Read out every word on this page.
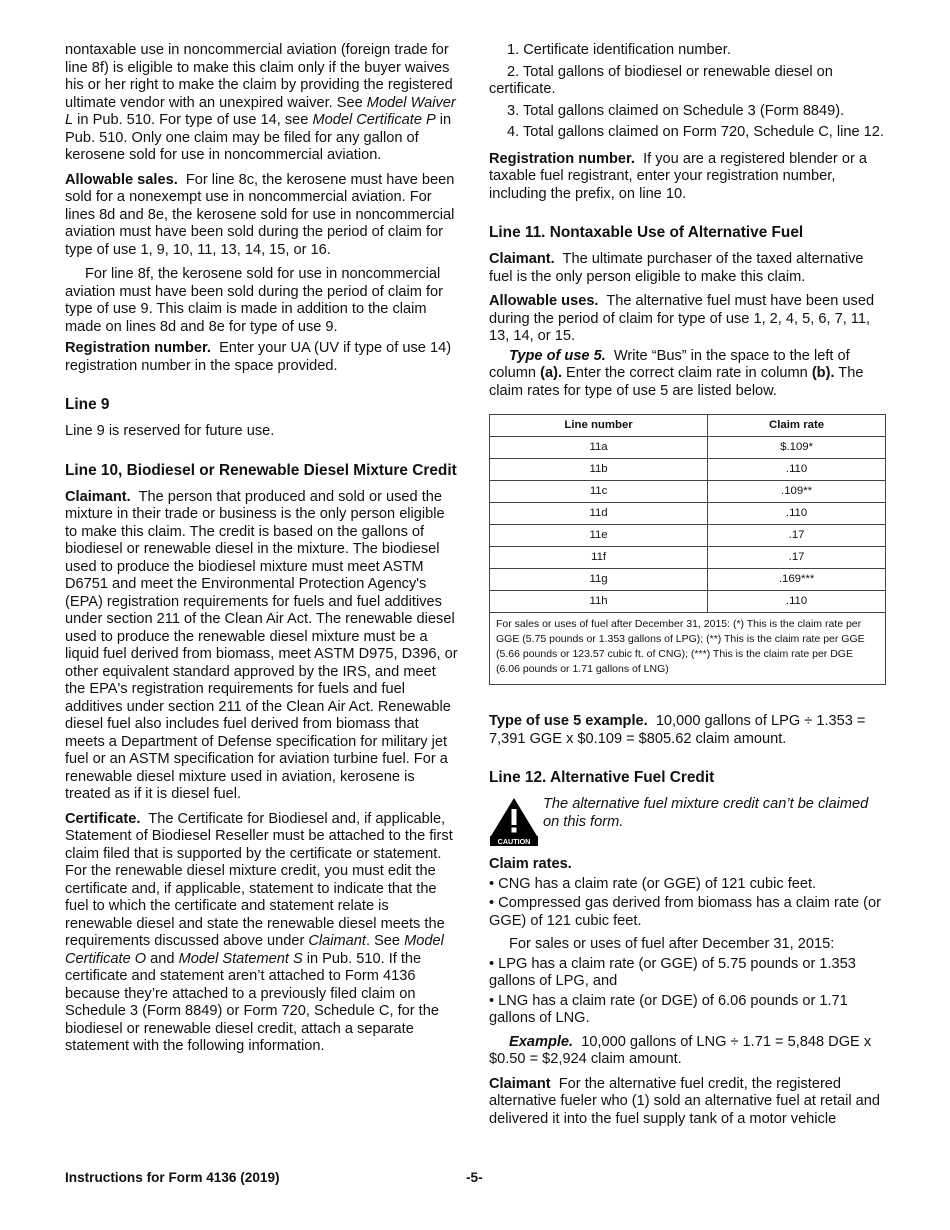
nontaxable use in noncommercial aviation (foreign trade for line 8f) is eligible to make this claim only if the buyer waives his or her right to make the claim by providing the registered ultimate vendor with an unexpired waiver. See Model Waiver L in Pub. 510. For type of use 14, see Model Certificate P in Pub. 510. Only one claim may be filed for any gallon of kerosene sold for use in noncommercial aviation.

Allowable sales. For line 8c, the kerosene must have been sold for a nonexempt use in noncommercial aviation. For lines 8d and 8e, the kerosene sold for use in noncommercial aviation must have been sold during the period of claim for type of use 1, 9, 10, 11, 13, 14, 15, or 16.

For line 8f, the kerosene sold for use in noncommercial aviation must have been sold during the period of claim for type of use 9. This claim is made in addition to the claim made on lines 8d and 8e for type of use 9.

Registration number. Enter your UA (UV if type of use 14) registration number in the space provided.

Line 9

Line 9 is reserved for future use.

Line 10, Biodiesel or Renewable Diesel Mixture Credit

Claimant. The person that produced and sold or used the mixture in their trade or business is the only person eligible to make this claim. The credit is based on the gallons of biodiesel or renewable diesel in the mixture. The biodiesel used to produce the biodiesel mixture must meet ASTM D6751 and meet the Environmental Protection Agency's (EPA) registration requirements for fuels and fuel additives under section 211 of the Clean Air Act. The renewable diesel used to produce the renewable diesel mixture must be a liquid fuel derived from biomass, meet ASTM D975, D396, or other equivalent standard approved by the IRS, and meet the EPA's registration requirements for fuels and fuel additives under section 211 of the Clean Air Act. Renewable diesel fuel also includes fuel derived from biomass that meets a Department of Defense specification for military jet fuel or an ASTM specification for aviation turbine fuel. For a renewable diesel mixture used in aviation, kerosene is treated as if it is diesel fuel.

Certificate. The Certificate for Biodiesel and, if applicable, Statement of Biodiesel Reseller must be attached to the first claim filed that is supported by the certificate or statement. For the renewable diesel mixture credit, you must edit the certificate and, if applicable, statement to indicate that the fuel to which the certificate and statement relate is renewable diesel and state the renewable diesel meets the requirements discussed above under Claimant. See Model Certificate O and Model Statement S in Pub. 510. If the certificate and statement aren’t attached to Form 4136 because they’re attached to a previously filed claim on Schedule 3 (Form 8849) or Form 720, Schedule C, for the biodiesel or renewable diesel credit, attach a separate statement with the following information.

1. Certificate identification number.
2. Total gallons of biodiesel or renewable diesel on certificate.
3. Total gallons claimed on Schedule 3 (Form 8849).
4. Total gallons claimed on Form 720, Schedule C, line 12.

Registration number. If you are a registered blender or a taxable fuel registrant, enter your registration number, including the prefix, on line 10.

Line 11. Nontaxable Use of Alternative Fuel

Claimant. The ultimate purchaser of the taxed alternative fuel is the only person eligible to make this claim.

Allowable uses. The alternative fuel must have been used during the period of claim for type of use 1, 2, 4, 5, 6, 7, 11, 13, 14, or 15.

Type of use 5. Write “Bus” in the space to the left of column (a). Enter the correct claim rate in column (b). The claim rates for type of use 5 are listed below.

Line number	Claim rate
11a	$.109*
11b	.110
11c	.109**
11d	.110
11e	.17
11f	.17
11g	.169***
11h	.110
For sales or uses of fuel after December 31, 2015: (*) This is the claim rate per GGE (5.75 pounds or 1.353 gallons of LPG); (**) This is the claim rate per GGE (5.66 pounds or 123.57 cubic ft. of CNG); (***) This is the claim rate per DGE (6.06 pounds or 1.71 gallons of LNG)	

Type of use 5 example. 10,000 gallons of LPG ÷ 1.353 = 7,391 GGE x $0.109 = $805.62 claim amount.

Line 12. Alternative Fuel Credit
CAUTION
The alternative fuel mixture credit can’t be claimed on this form.
Claim rates.
• CNG has a claim rate (or GGE) of 121 cubic feet.
• Compressed gas derived from biomass has a claim rate (or GGE) of 121 cubic feet.

For sales or uses of fuel after December 31, 2015:

• LPG has a claim rate (or GGE) of 5.75 pounds or 1.353 gallons of LPG, and
• LNG has a claim rate (or DGE) of 6.06 pounds or 1.71 gallons of LNG.

Example. 10,000 gallons of LNG ÷ 1.71 = 5,848 DGE x $0.50 = $2,924 claim amount.

Claimant For the alternative fuel credit, the registered alternative fueler who (1) sold an alternative fuel at retail and delivered it into the fuel supply tank of a motor vehicle

Instructions for Form 4136 (2019)	-5-
